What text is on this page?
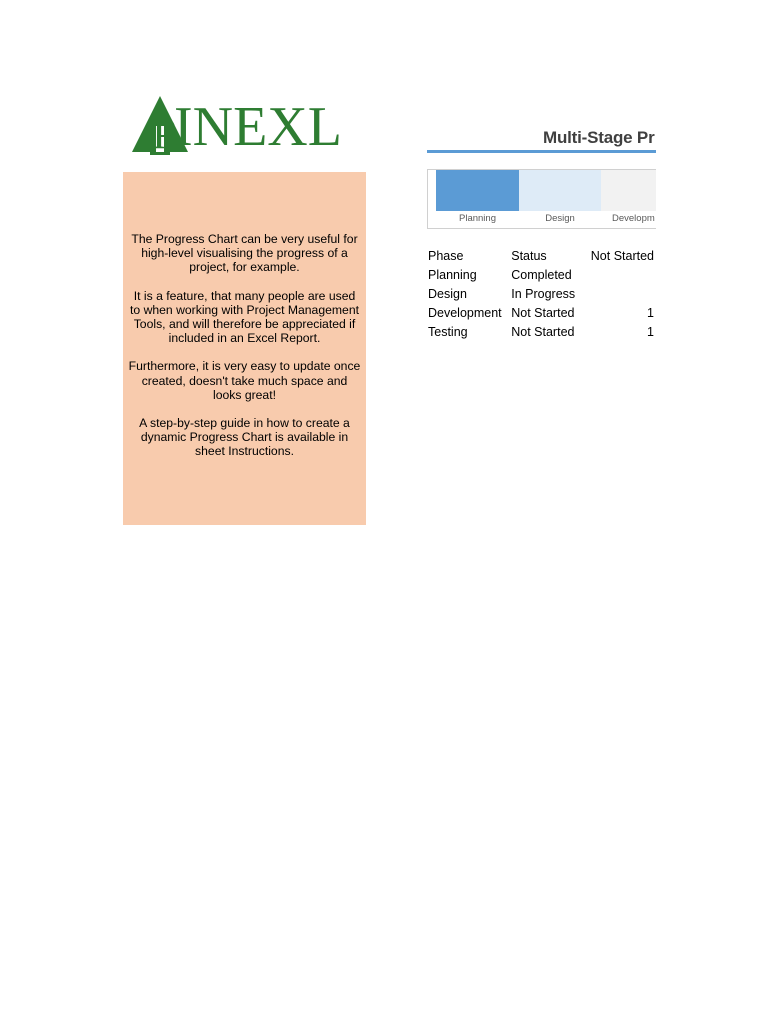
P
INEXL

The Progress Chart can be very useful for high-level visualising the progress of a project, for example.

It is a feature, that many people are used to when working with Project Management Tools, and will therefore be appreciated if included in an Excel Report.

Furthermore, it is very easy to update once created, doesn't take much space and looks great!

A step-by-step guide in how to create a dynamic Progress Chart is available in sheet Instructions.

Multi-Stage Pr
Planning	Design	Developm
Phase	Status	Not Started
Planning	Completed	
Design	In Progress	
Development	Not Started	1
Testing	Not Started	1
